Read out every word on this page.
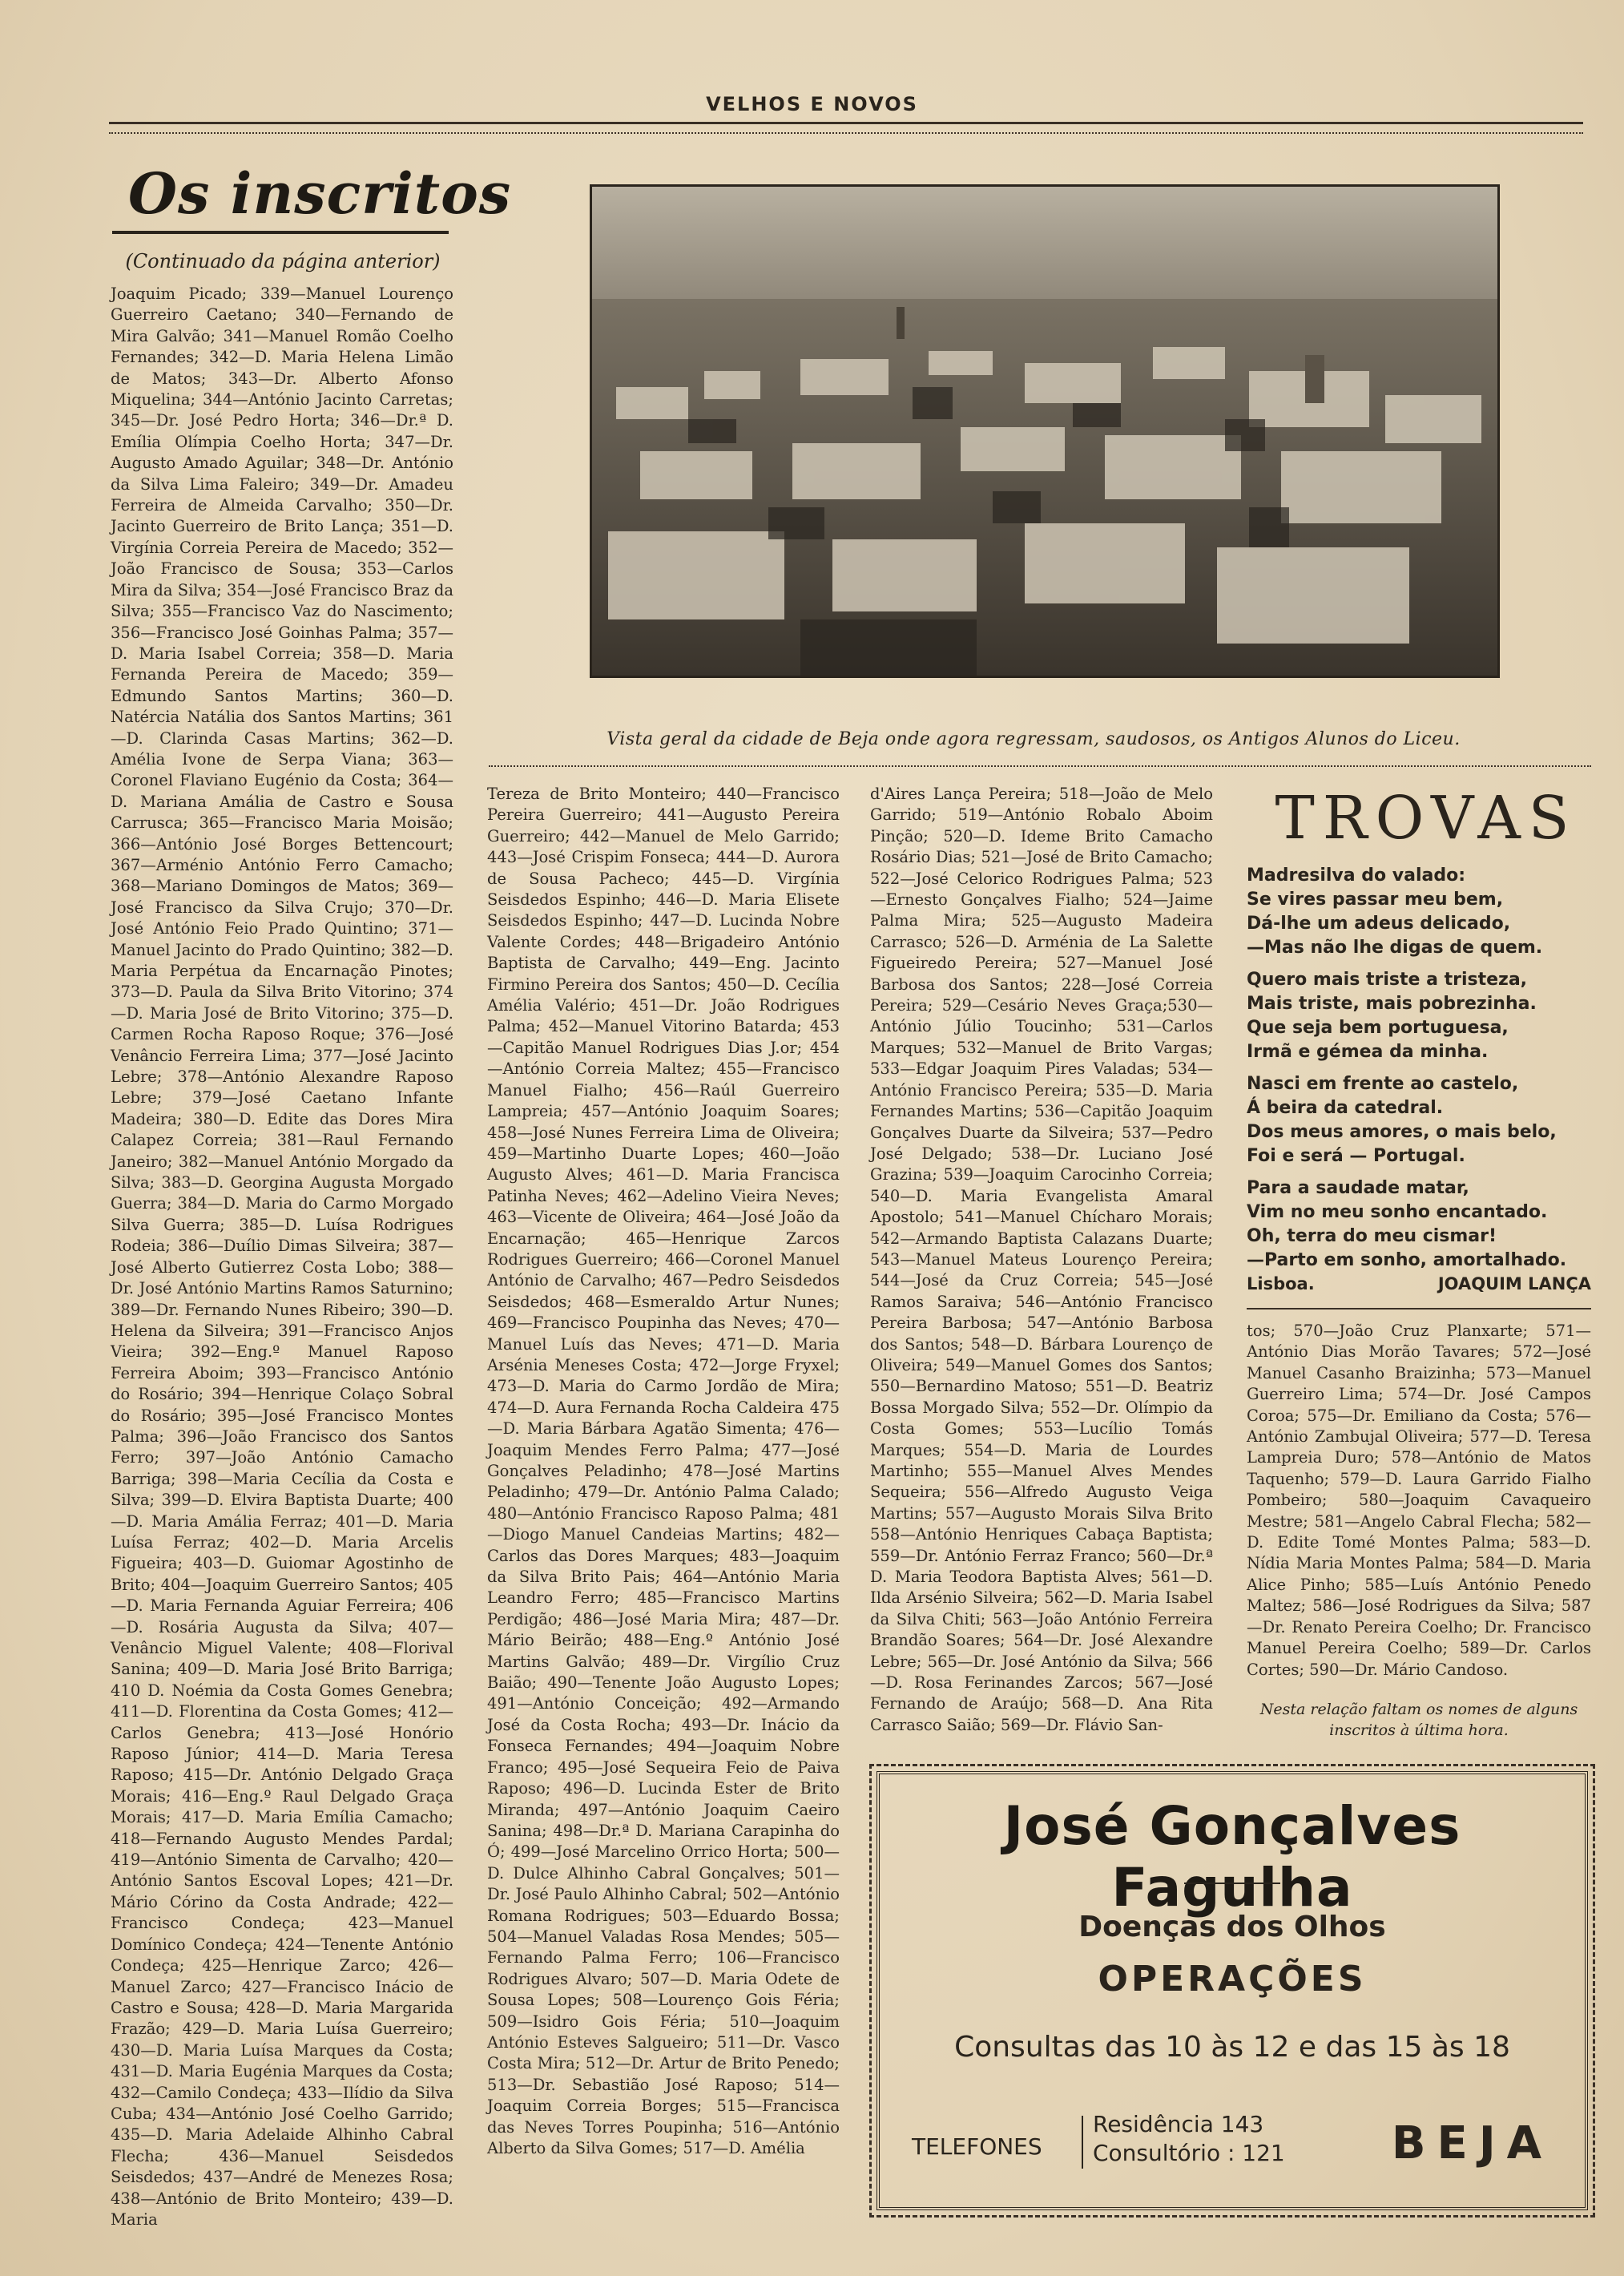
VELHOS E NOVOS
Os inscritos
(Continuado da página anterior)
Joaquim Picado; 339—Manuel Lourenço Guerreiro Caetano; 340—Fernando de Mira Galvão; 341—Manuel Romão Coelho Fernandes; 342—D. Maria Helena Limão de Matos; 343—Dr. Alberto Afonso Miquelina; 344—António Jacinto Carretas; 345—Dr. José Pedro Horta; 346—Dr.ª D. Emília Olímpia Coelho Horta; 347—Dr. Augusto Amado Aguilar; 348—Dr. António da Silva Lima Faleiro; 349—Dr. Amadeu Ferreira de Almeida Carvalho; 350—Dr. Jacinto Guerreiro de Brito Lança; 351—D. Virgínia Correia Pereira de Macedo; 352—João Francisco de Sousa; 353—Carlos Mira da Silva; 354—José Francisco Braz da Silva; 355—Francisco Vaz do Nascimento; 356—Francisco José Goinhas Palma; 357—D. Maria Isabel Correia; 358—D. Maria Fernanda Pereira de Macedo; 359—Edmundo Santos Martins; 360—D. Natércia Natália dos Santos Martins; 361—D. Clarinda Casas Martins; 362—D. Amélia Ivone de Serpa Viana; 363—Coronel Flaviano Eugénio da Costa; 364—D. Mariana Amália de Castro e Sousa Carrusca; 365—Francisco Maria Moisão; 366—António José Borges Bettencourt; 367—Arménio António Ferro Camacho; 368—Mariano Domingos de Matos; 369—José Francisco da Silva Crujo; 370—Dr. José António Feio Prado Quintino; 371—Manuel Jacinto do Prado Quintino; 382—D. Maria Perpétua da Encarnação Pinotes; 373—D. Paula da Silva Brito Vitorino; 374—D. Maria José de Brito Vitorino; 375—D. Carmen Rocha Raposo Roque; 376—José Venâncio Ferreira Lima; 377—José Jacinto Lebre; 378—António Alexandre Raposo Lebre; 379—José Caetano Infante Madeira; 380—D. Edite das Dores Mira Calapez Correia; 381—Raul Fernando Janeiro; 382—Manuel António Morgado da Silva; 383—D. Georgina Augusta Morgado Guerra; 384—D. Maria do Carmo Morgado Silva Guerra; 385—D. Luísa Rodrigues Rodeia; 386—Duílio Dimas Silveira; 387—José Alberto Gutierrez Costa Lobo; 388—Dr. José António Martins Ramos Saturnino; 389—Dr. Fernando Nunes Ribeiro; 390—D. Helena da Silveira; 391—Francisco Anjos Vieira; 392—Eng.º Manuel Raposo Ferreira Aboim; 393—Francisco António do Rosário; 394—Henrique Colaço Sobral do Rosário; 395—José Francisco Montes Palma; 396—João Francisco dos Santos Ferro; 397—João António Camacho Barriga; 398—Maria Cecília da Costa e Silva; 399—D. Elvira Baptista Duarte; 400—D. Maria Amália Ferraz; 401—D. Maria Luísa Ferraz; 402—D. Maria Arcelis Figueira; 403—D. Guiomar Agostinho de Brito; 404—Joaquim Guerreiro Santos; 405—D. Maria Fernanda Aguiar Ferreira; 406—D. Rosária Augusta da Silva; 407—Venâncio Miguel Valente; 408—Florival Sanina; 409—D. Maria José Brito Barriga; 410 D. Noémia da Costa Gomes Genebra; 411—D. Florentina da Costa Gomes; 412—Carlos Genebra; 413—José Honório Raposo Júnior; 414—D. Maria Teresa Raposo; 415—Dr. António Delgado Graça Morais; 416—Eng.º Raul Delgado Graça Morais; 417—D. Maria Emília Camacho; 418—Fernando Augusto Mendes Pardal; 419—António Simenta de Carvalho; 420—António Santos Escoval Lopes; 421—Dr. Mário Córino da Costa Andrade; 422—Francisco Condeça; 423—Manuel Domínico Condeça; 424—Tenente António Condeça; 425—Henrique Zarco; 426—Manuel Zarco; 427—Francisco Inácio de Castro e Sousa; 428—D. Maria Margarida Frazão; 429—D. Maria Luísa Guerreiro; 430—D. Maria Luísa Marques da Costa; 431—D. Maria Eugénia Marques da Costa; 432—Camilo Condeça; 433—Ilídio da Silva Cuba; 434—António José Coelho Garrido; 435—D. Maria Adelaide Alhinho Cabral Flecha; 436—Manuel Seisdedos Seisdedos; 437—André de Menezes Rosa; 438—António de Brito Monteiro; 439—D. Maria
Vista geral da cidade de Beja onde agora regressam, saudosos, os Antigos Alunos do Liceu.
Tereza de Brito Monteiro; 440—Francisco Pereira Guerreiro; 441—Augusto Pereira Guerreiro; 442—Manuel de Melo Garrido; 443—José Crispim Fonseca; 444—D. Aurora de Sousa Pacheco; 445—D. Virgínia Seisdedos Espinho; 446—D. Maria Elisete Seisdedos Espinho; 447—D. Lucinda Nobre Valente Cordes; 448—Brigadeiro António Baptista de Carvalho; 449—Eng. Jacinto Firmino Pereira dos Santos; 450—D. Cecília Amélia Valério; 451—Dr. João Rodrigues Palma; 452—Manuel Vitorino Batarda; 453—Capitão Manuel Rodrigues Dias J.or; 454—António Correia Maltez; 455—Francisco Manuel Fialho; 456—Raúl Guerreiro Lampreia; 457—António Joaquim Soares; 458—José Nunes Ferreira Lima de Oliveira; 459—Martinho Duarte Lopes; 460—João Augusto Alves; 461—D. Maria Francisca Patinha Neves; 462—Adelino Vieira Neves; 463—Vicente de Oliveira; 464—José João da Encarnação; 465—Henrique Zarcos Rodrigues Guerreiro; 466—Coronel Manuel António de Carvalho; 467—Pedro Seisdedos Seisdedos; 468—Esmeraldo Artur Nunes; 469—Francisco Poupinha das Neves; 470—Manuel Luís das Neves; 471—D. Maria Arsénia Meneses Costa; 472—Jorge Fryxel; 473—D. Maria do Carmo Jordão de Mira; 474—D. Aura Fernanda Rocha Caldeira 475—D. Maria Bárbara Agatão Simenta; 476—Joaquim Mendes Ferro Palma; 477—José Gonçalves Peladinho; 478—José Martins Peladinho; 479—Dr. António Palma Calado; 480—António Francisco Raposo Palma; 481—Diogo Manuel Candeias Martins; 482—Carlos das Dores Marques; 483—Joaquim da Silva Brito Pais; 464—António Maria Leandro Ferro; 485—Francisco Martins Perdigão; 486—José Maria Mira; 487—Dr. Mário Beirão; 488—Eng.º António José Martins Galvão; 489—Dr. Virgílio Cruz Baião; 490—Tenente João Augusto Lopes; 491—António Conceição; 492—Armando José da Costa Rocha; 493—Dr. Inácio da Fonseca Fernandes; 494—Joaquim Nobre Franco; 495—José Sequeira Feio de Paiva Raposo; 496—D. Lucinda Ester de Brito Miranda; 497—António Joaquim Caeiro Sanina; 498—Dr.ª D. Mariana Carapinha do Ó; 499—José Marcelino Orrico Horta; 500—D. Dulce Alhinho Cabral Gonçalves; 501—Dr. José Paulo Alhinho Cabral; 502—António Romana Rodrigues; 503—Eduardo Bossa; 504—Manuel Valadas Rosa Mendes; 505—Fernando Palma Ferro; 106—Francisco Rodrigues Alvaro; 507—D. Maria Odete de Sousa Lopes; 508—Lourenço Gois Féria; 509—Isidro Gois Féria; 510—Joaquim António Esteves Salgueiro; 511—Dr. Vasco Costa Mira; 512—Dr. Artur de Brito Penedo; 513—Dr. Sebastião José Raposo; 514—Joaquim Correia Borges; 515—Francisca das Neves Torres Poupinha; 516—António Alberto da Silva Gomes; 517—D. Amélia
d'Aires Lança Pereira; 518—João de Melo Garrido; 519—António Robalo Aboim Pinção; 520—D. Ideme Brito Camacho Rosário Dias; 521—José de Brito Camacho; 522—José Celorico Rodrigues Palma; 523—Ernesto Gonçalves Fialho; 524—Jaime Palma Mira; 525—Augusto Madeira Carrasco; 526—D. Arménia de La Salette Figueiredo Pereira; 527—Manuel José Barbosa dos Santos; 228—José Correia Pereira; 529—Cesário Neves Graça;530—António Júlio Toucinho; 531—Carlos Marques; 532—Manuel de Brito Vargas; 533—Edgar Joaquim Pires Valadas; 534—António Francisco Pereira; 535—D. Maria Fernandes Martins; 536—Capitão Joaquim Gonçalves Duarte da Silveira; 537—Pedro José Delgado; 538—Dr. Luciano José Grazina; 539—Joaquim Carocinho Correia; 540—D. Maria Evangelista Amaral Apostolo; 541—Manuel Chícharo Morais; 542—Armando Baptista Calazans Duarte; 543—Manuel Mateus Lourenço Pereira; 544—José da Cruz Correia; 545—José Ramos Saraiva; 546—António Francisco Pereira Barbosa; 547—António Barbosa dos Santos; 548—D. Bárbara Lourenço de Oliveira; 549—Manuel Gomes dos Santos; 550—Bernardino Matoso; 551—D. Beatriz Bossa Morgado Silva; 552—Dr. Olímpio da Costa Gomes; 553—Lucílio Tomás Marques; 554—D. Maria de Lourdes Martinho; 555—Manuel Alves Mendes Sequeira; 556—Alfredo Augusto Veiga Martins; 557—Augusto Morais Silva Brito 558—António Henriques Cabaça Baptista; 559—Dr. António Ferraz Franco; 560—Dr.ª D. Maria Teodora Baptista Alves; 561—D. Ilda Arsénio Silveira; 562—D. Maria Isabel da Silva Chiti; 563—João António Ferreira Brandão Soares; 564—Dr. José Alexandre Lebre; 565—Dr. José António da Silva; 566—D. Rosa Ferinandes Zarcos; 567—José Fernando de Araújo; 568—D. Ana Rita Carrasco Saião; 569—Dr. Flávio San-
TROVAS
Madresilva do valado:
Se vires passar meu bem,
Dá-lhe um adeus delicado,
—Mas não lhe digas de quem.
Quero mais triste a tristeza,
Mais triste, mais pobrezinha.
Que seja bem portuguesa,
Irmã e gémea da minha.
Nasci em frente ao castelo,
Á beira da catedral.
Dos meus amores, o mais belo,
Foi e será — Portugal.
Para a saudade matar,
Vim no meu sonho encantado.
Oh, terra do meu cismar!
—Parto em sonho, amortalhado.
Lisboa.	JOAQUIM LANÇA
tos; 570—João Cruz Planxarte; 571—António Dias Morão Tavares; 572—José Manuel Casanho Braizinha; 573—Manuel Guerreiro Lima; 574—Dr. José Campos Coroa; 575—Dr. Emiliano da Costa; 576—António Zambujal Oliveira; 577—D. Teresa Lampreia Duro; 578—António de Matos Taquenho; 579—D. Laura Garrido Fialho Pombeiro; 580—Joaquim Cavaqueiro Mestre; 581—Angelo Cabral Flecha; 582—D. Edite Tomé Montes Palma; 583—D. Nídia Maria Montes Palma; 584—D. Maria Alice Pinho; 585—Luís António Penedo Maltez; 586—José Rodrigues da Silva; 587—Dr. Renato Pereira Coelho; Dr. Francisco Manuel Pereira Coelho; 589—Dr. Carlos Cortes; 590—Dr. Mário Candoso.
Nesta relação faltam os nomes de alguns inscritos à última hora.
José Gonçalves Fagulha
Doenças dos Olhos
OPERAÇÕES
Consultas das 10 às 12 e das 15 às 18
TELEFONES
Residência 143
Consultório : 121 BEJA
